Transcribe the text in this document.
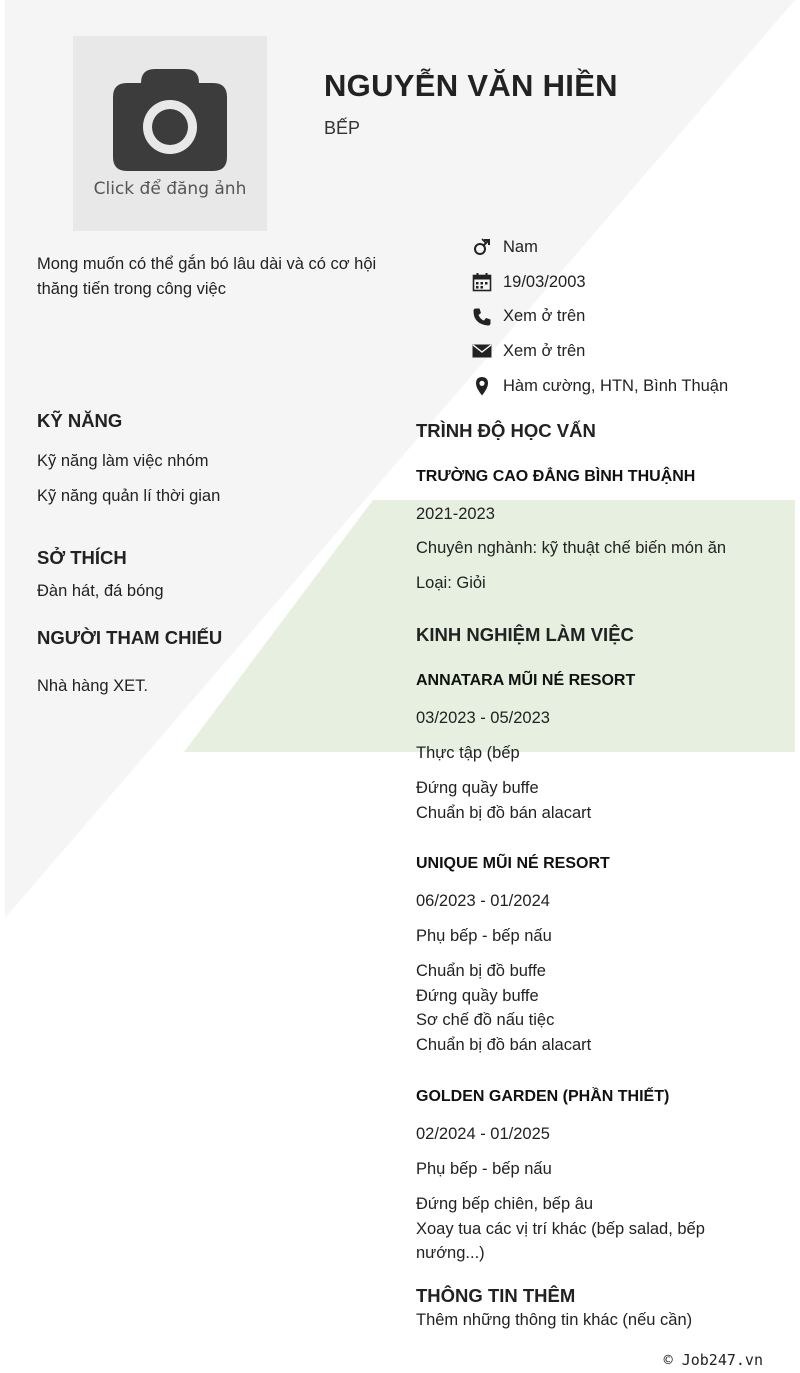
Click để đăng ảnh
NGUYỄN VĂN HIỀN
BẾP
Mong muốn có thể gắn bó lâu dài và có cơ hội thăng tiến trong công việc
Nam
19/03/2003
Xem ở trên
Xem ở trên
Hàm cường, HTN, Bình Thuận
KỸ NĂNG
Kỹ năng làm việc nhóm
Kỹ năng quản lí thời gian
SỞ THÍCH
Đàn hát, đá bóng
NGƯỜI THAM CHIẾU
Nhà hàng XET.
TRÌNH ĐỘ HỌC VẤN
TRƯỜNG CAO ĐẲNG BÌNH THUẬNH
2021-2023
Chuyên nghành: kỹ thuật chế biến món ăn
Loại: Giỏi
KINH NGHIỆM LÀM VIỆC
ANNATARA MŨI NÉ RESORT
03/2023 - 05/2023
Thực tập (bếp
Đứng quầy buffe
Chuẩn bị đồ bán alacart
UNIQUE MŨI NÉ RESORT
06/2023 - 01/2024
Phụ bếp - bếp nấu
Chuẩn bị đồ buffe
Đứng quầy buffe
Sơ chế đồ nấu tiệc
Chuẩn bị đồ bán alacart
GOLDEN GARDEN (PHẦN THIẾT)
02/2024 - 01/2025
Phụ bếp - bếp nấu
Đứng bếp chiên, bếp âu
Xoay tua các vị trí khác (bếp salad, bếp nướng...)
THÔNG TIN THÊM
Thêm những thông tin khác (nếu cần)
© Job247.vn
